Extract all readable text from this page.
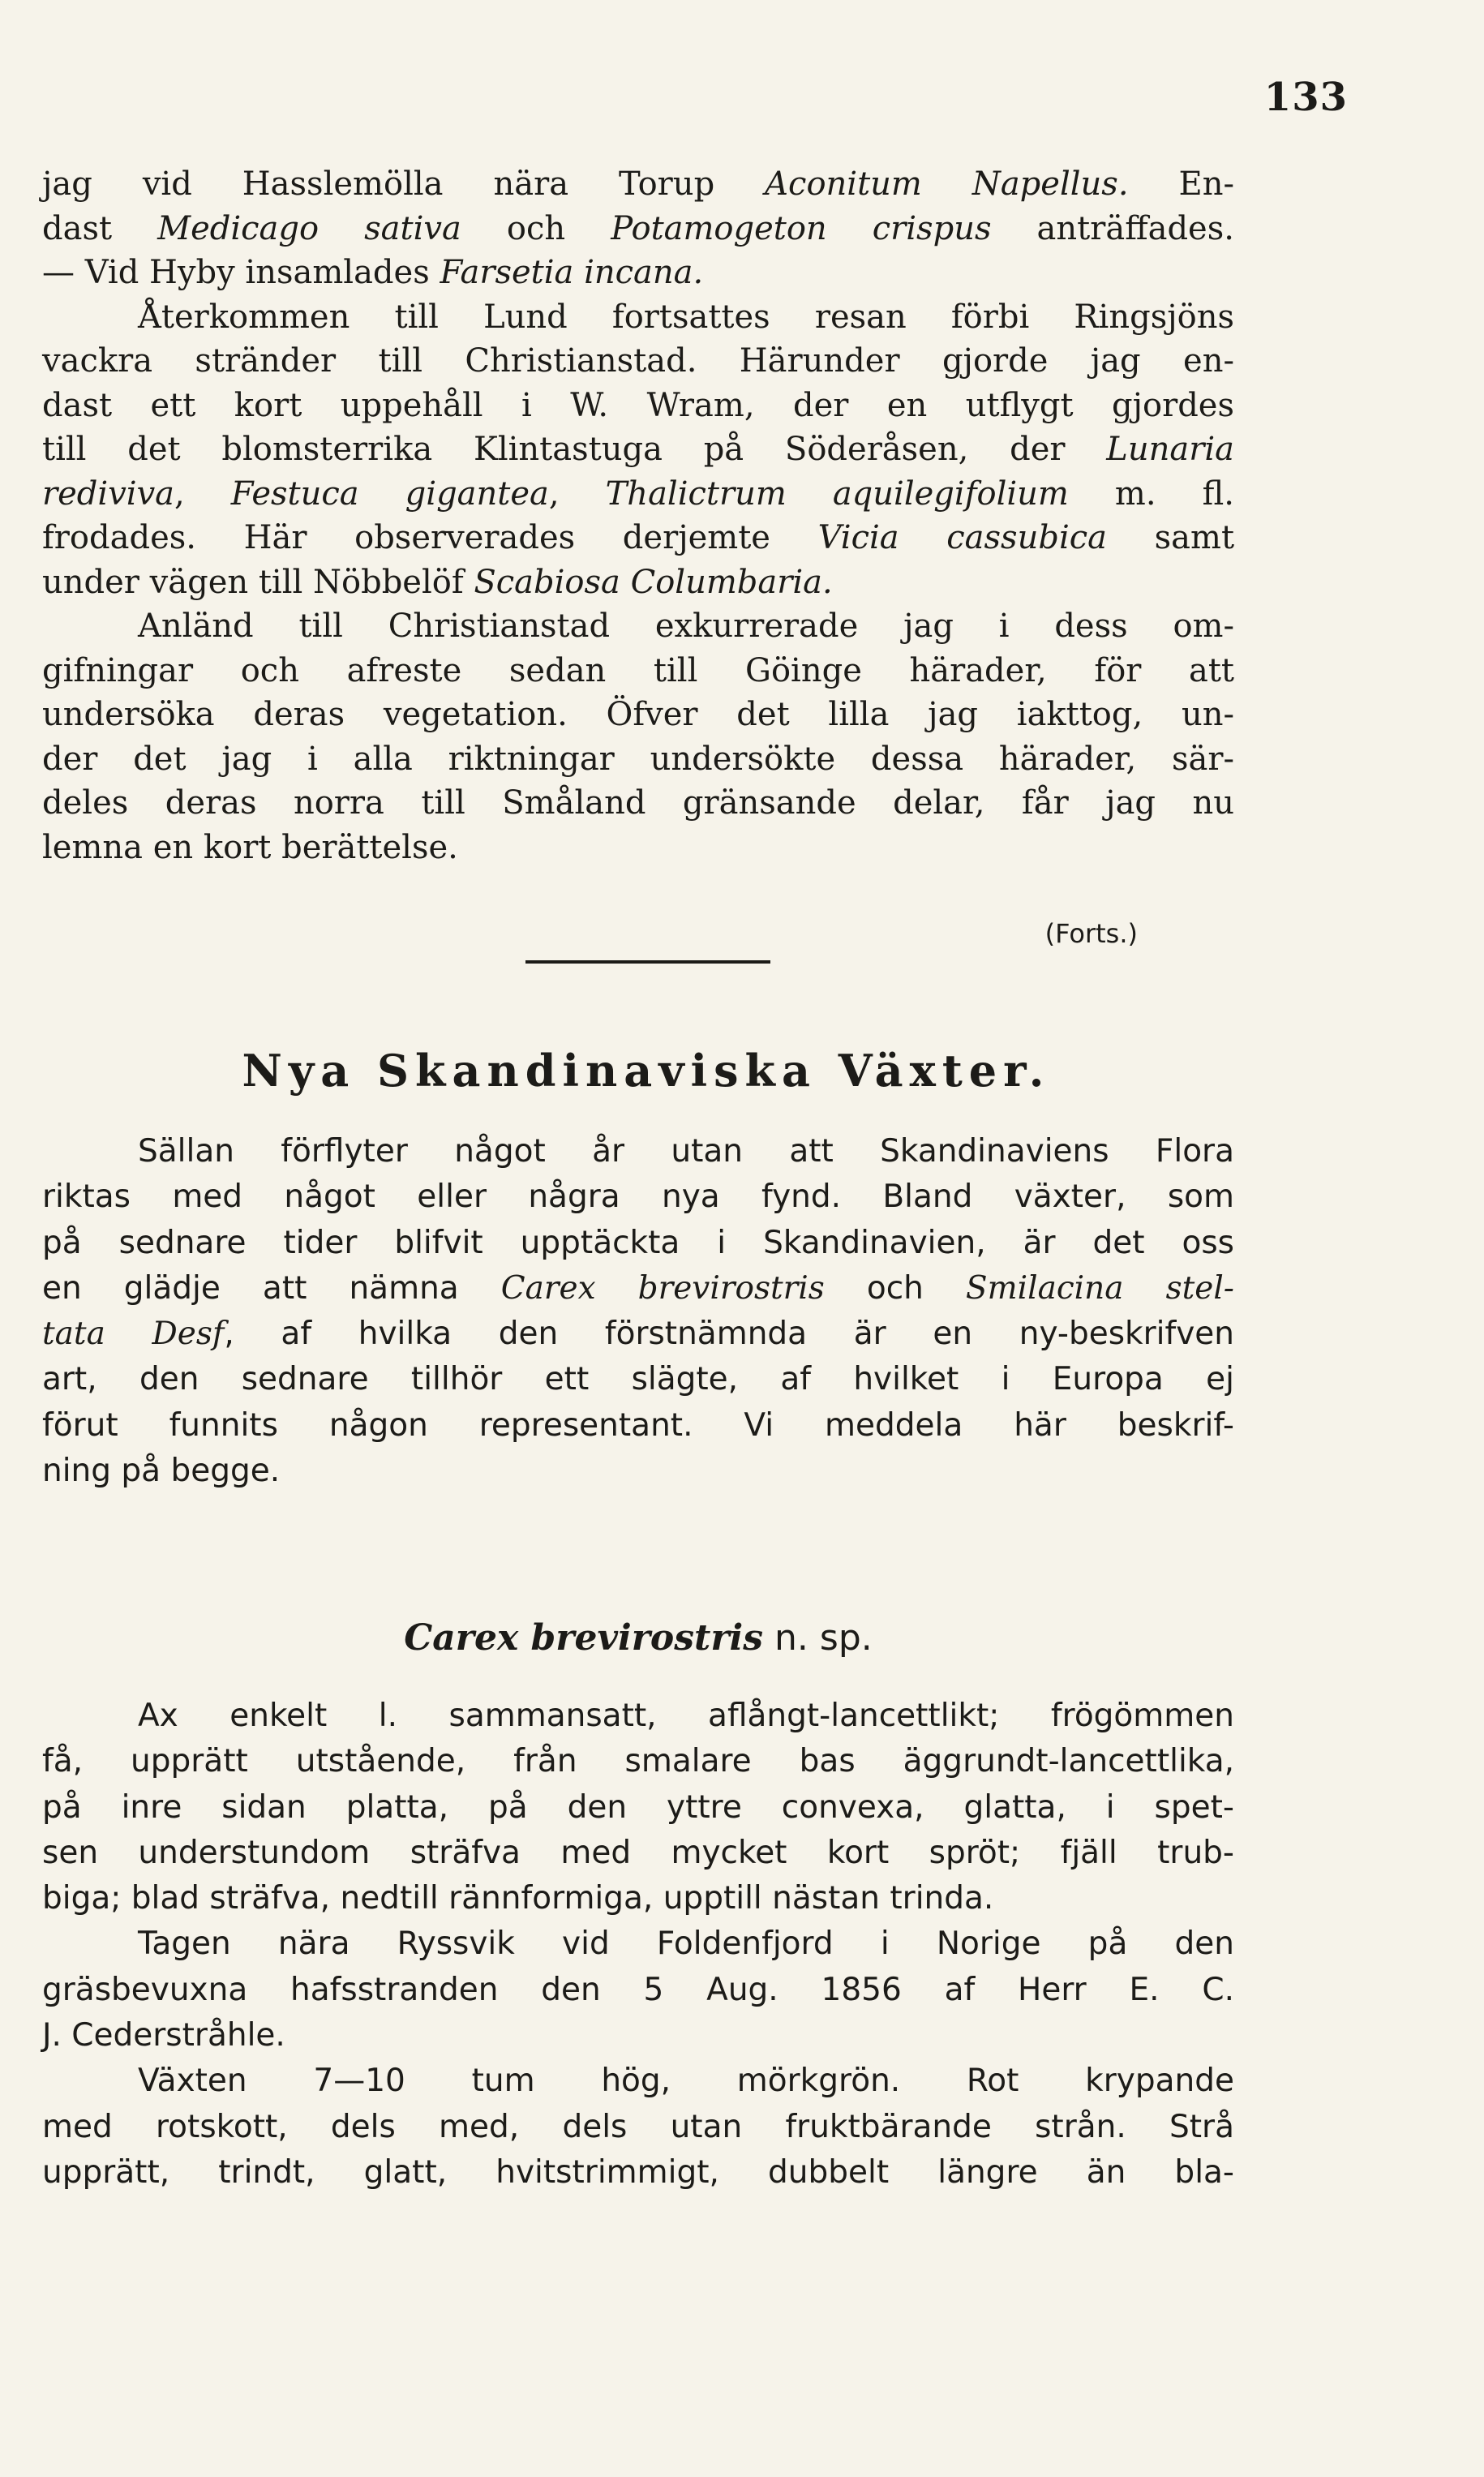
133

jag vid Hasslemölla nära Torup Aconitum Napellus. En-
dast Medicago sativa och Potamogeton crispus anträffades.
— Vid Hyby insamlades Farsetia incana.

Återkommen till Lund fortsattes resan förbi Ringsjöns
vackra stränder till Christianstad. Härunder gjorde jag en-
dast ett kort uppehåll i W. Wram, der en utflygt gjordes
till det blomsterrika Klintastuga på Söderåsen, der Lunaria
rediviva, Festuca gigantea, Thalictrum aquilegifolium m. fl.
frodades. Här observerades derjemte Vicia cassubica samt
under vägen till Nöbbelöf Scabiosa Columbaria.

Anländ till Christianstad exkurrerade jag i dess om-
gifningar och afreste sedan till Göinge härader, för att
undersöka deras vegetation. Öfver det lilla jag iakttog, un-
der det jag i alla riktningar undersökte dessa härader, sär-
deles deras norra till Småland gränsande delar, får jag nu
lemna en kort berättelse.

(Forts.)
Nya Skandinaviska Växter.

Sällan förflyter något år utan att Skandinaviens Flora
riktas med något eller några nya fynd. Bland växter, som
på sednare tider blifvit upptäckta i Skandinavien, är det oss
en glädje att nämna Carex brevirostris och Smilacina stel-
tata Desf, af hvilka den förstnämnda är en ny-beskrifven
art, den sednare tillhör ett slägte, af hvilket i Europa ej
förut funnits någon representant. Vi meddela här beskrif-
ning på begge.

Carex brevirostris n. sp.

Ax enkelt l. sammansatt, aflångt-lancettlikt; frögömmen
få, upprätt utstående, från smalare bas äggrundt-lancettlika,
på inre sidan platta, på den yttre convexa, glatta, i spet-
sen understundom sträfva med mycket kort spröt; fjäll trub-
biga; blad sträfva, nedtill rännformiga, upptill nästan trinda.

Tagen nära Ryssvik vid Foldenfjord i Norige på den
gräsbevuxna hafsstranden den 5 Aug. 1856 af Herr E. C.
J. Cederstråhle.

Växten 7—10 tum hög, mörkgrön. Rot krypande
med rotskott, dels med, dels utan fruktbärande strån. Strå
upprätt, trindt, glatt, hvitstrimmigt, dubbelt längre än bla-
